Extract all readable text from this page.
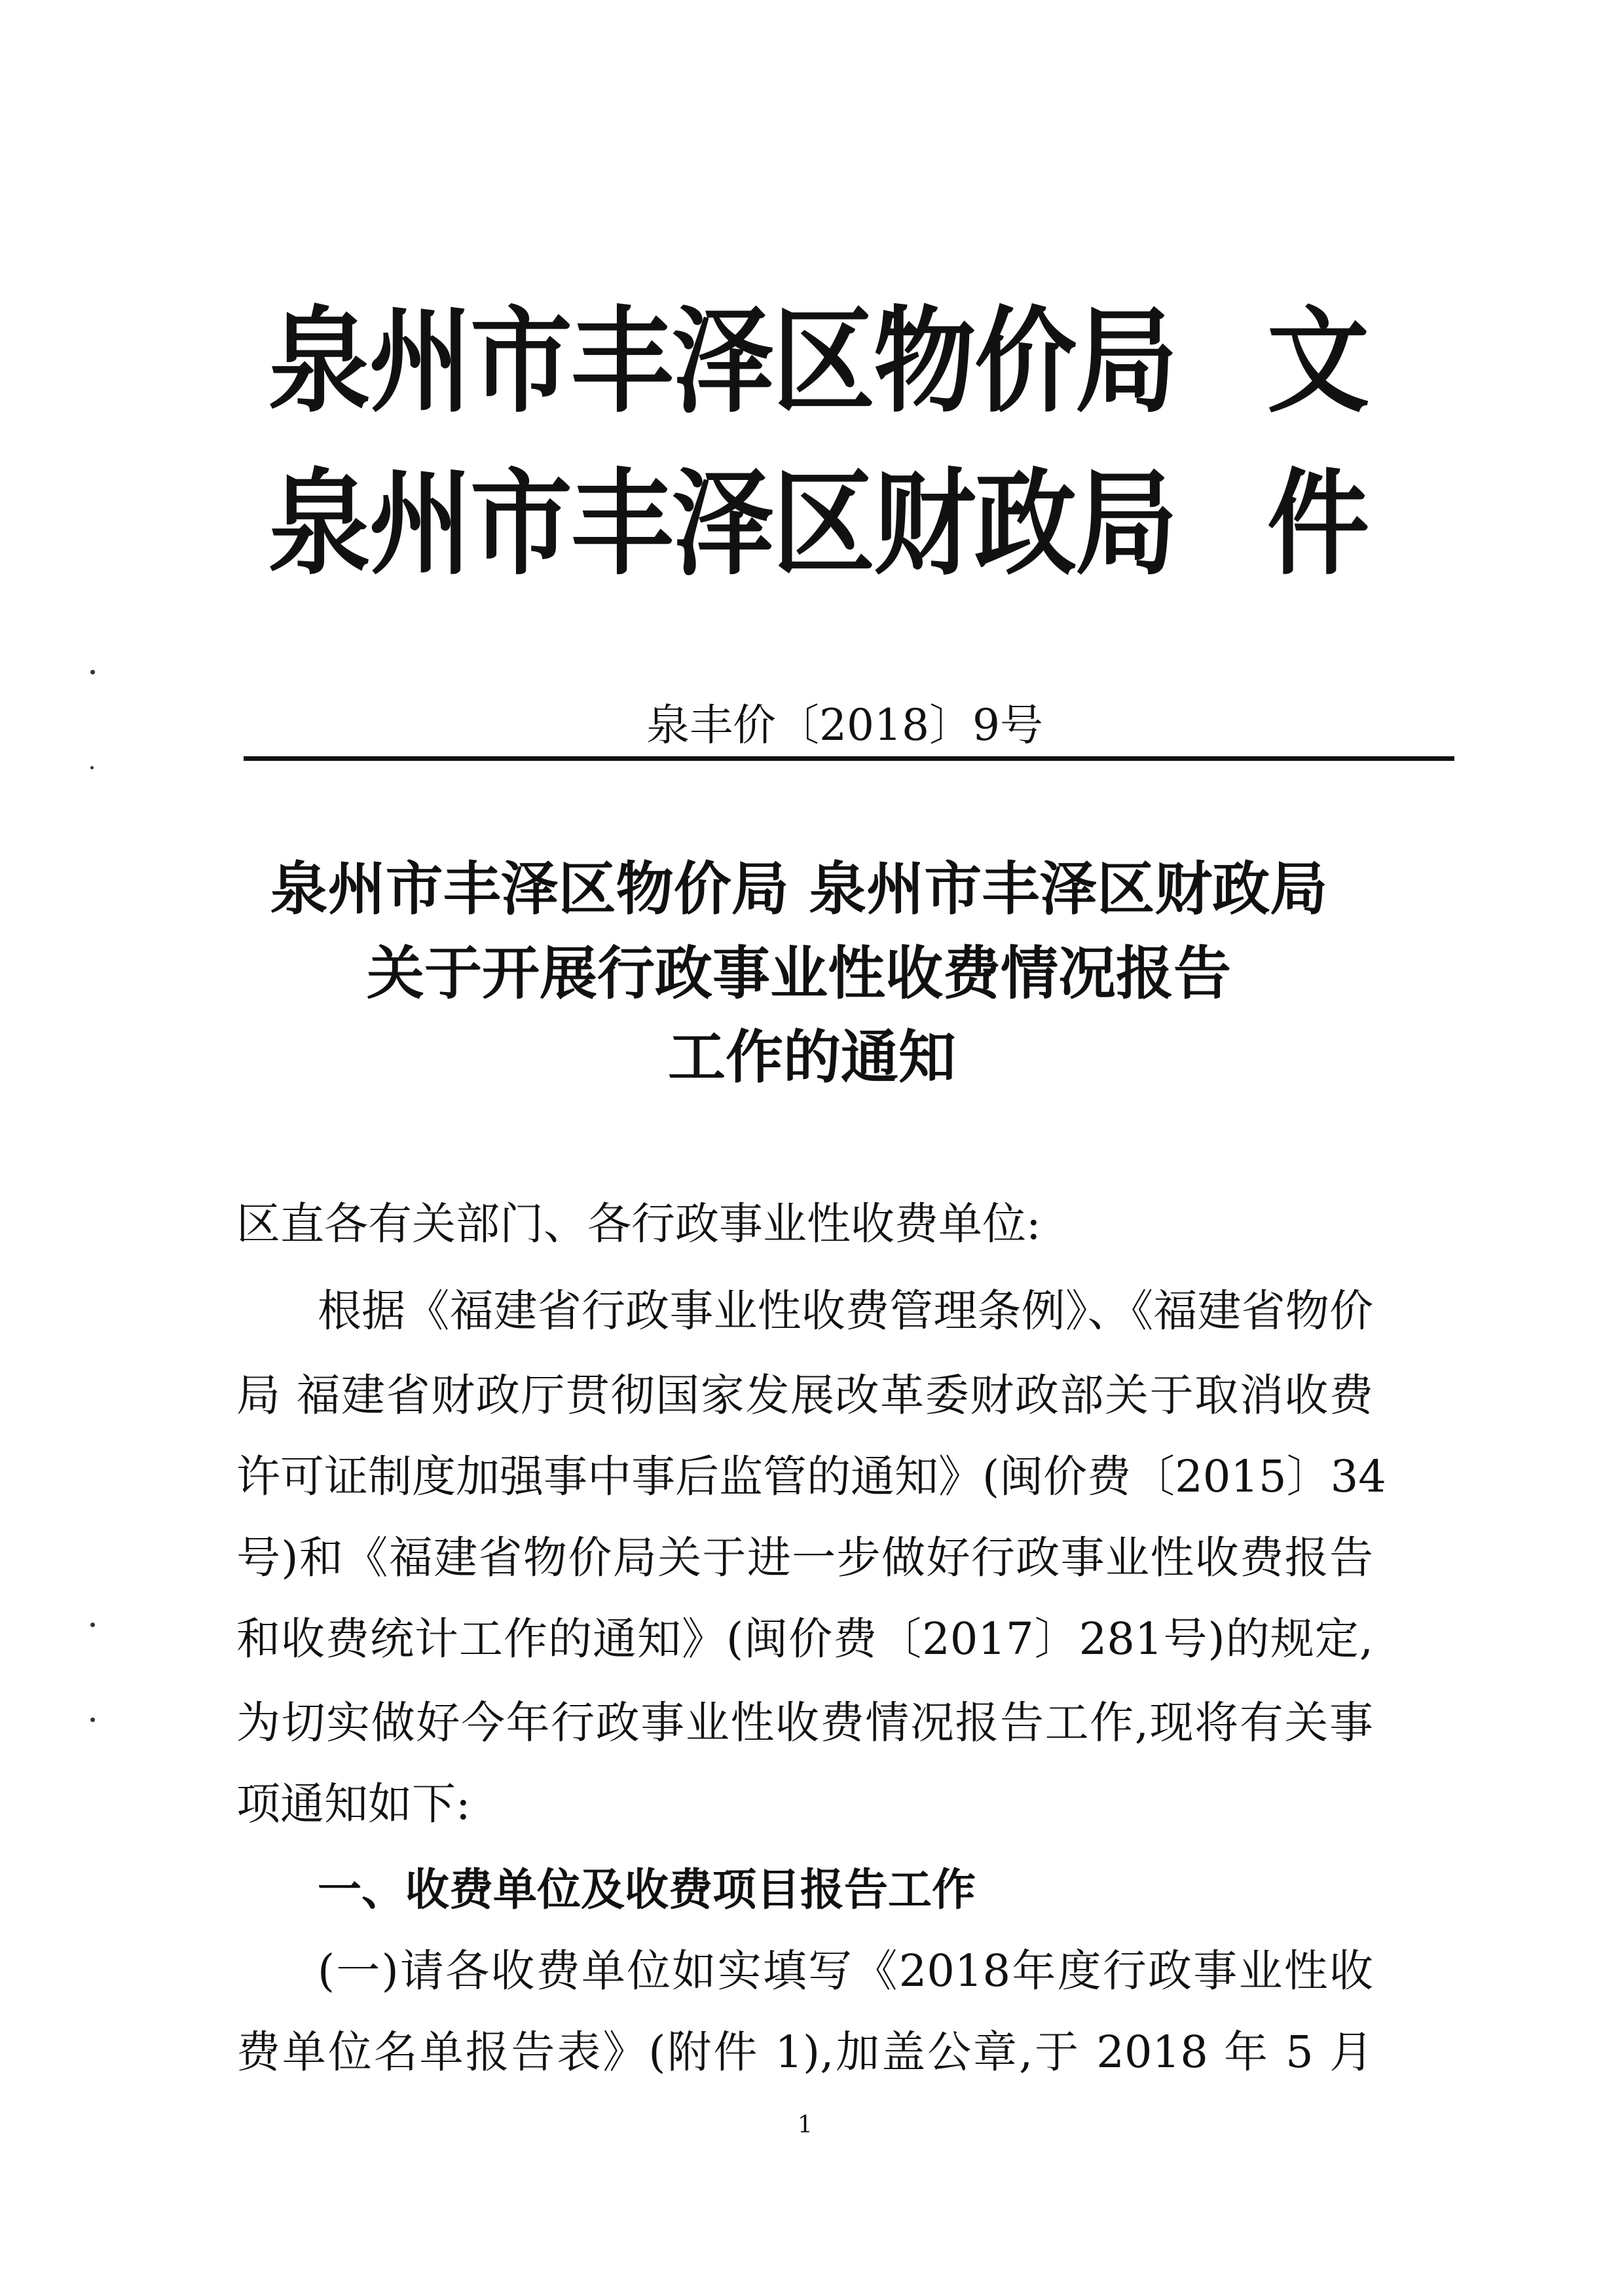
泉州市丰泽区物价局 文
泉州市丰泽区财政局 件
泉丰价〔2018〕9号
泉州市丰泽区物价局 泉州市丰泽区财政局
关于开展行政事业性收费情况报告
工作的通知
区直各有关部门、各行政事业性收费单位:
根据《福建省行政事业性收费管理条例》、《福建省物价
局 福建省财政厅贯彻国家发展改革委财政部关于取消收费
许可证制度加强事中事后监管的通知》(闽价费〔2015〕34
号)和《福建省物价局关于进一步做好行政事业性收费报告
和收费统计工作的通知》(闽价费〔2017〕281号)的规定,
为切实做好今年行政事业性收费情况报告工作,现将有关事
项通知如下:
一、收费单位及收费项目报告工作
(一)请各收费单位如实填写《2018年度行政事业性收
费单位名单报告表》(附件 1),加盖公章,于 2018 年 5 月
1
